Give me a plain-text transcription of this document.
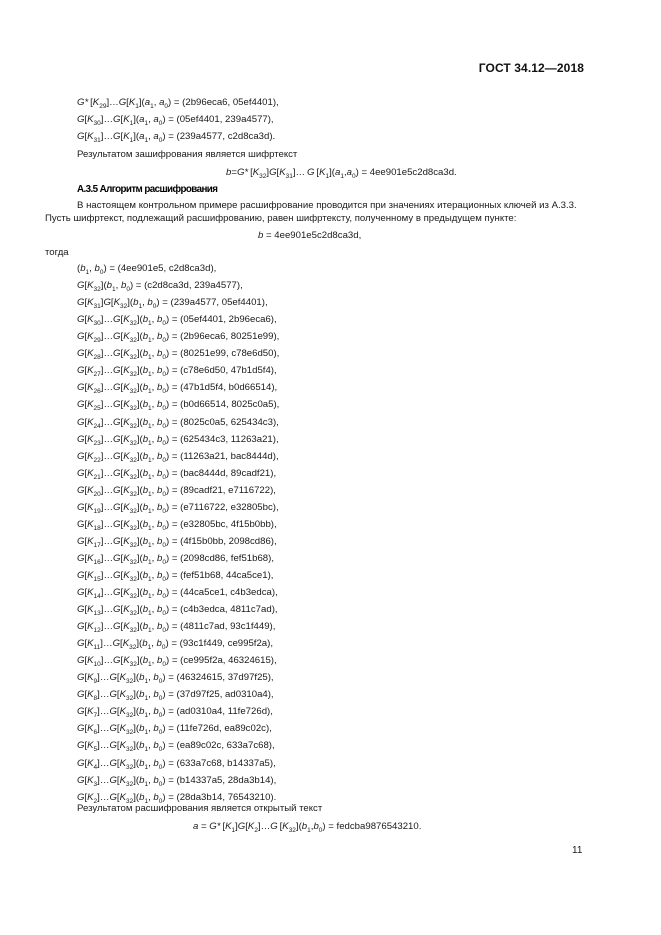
ГОСТ 34.12—2018
G* $[K_{29}]\dots G[K_1](a_1$, $a_0) = (2b96eca6$, 05ef4401),
$G[K_{30}]\dots G[K_1](a_1$, $a_0) = (05ef4401$, 239a4577),
$G[K_{31}]\dots G[K_1](a_1$, $a_0) = (239a4577$, c2d8ca3d).
Результатом зашифрования является шифртекст
b=G* $[K_{32}]G[K_{31}]\dots$ G $[K_1](a_1,a_0) = 4ee901e5c2d8ca3d$.
А.3.5 Алгоритм расшифрования
В настоящем контрольном примере расшифрование проводится при значениях итерационных ключей из А.3.3.
Пусть шифртекст, подлежащий расшифрованию, равен шифртексту, полученному в предыдущем пункте:
b = 4ee901e5c2d8ca3d,
тогда
($b_1$, $b_0) = (4ee901e5$, c2d8ca3d),
$G[K_{32}](b_1$, $b_0) = (c2d8ca3d$, 239a4577),
$G[K_{31}]G[K_{32}](b_1$, $b_0) = (239a4577$, 05ef4401),
$G[K_{30}]\dots G[K_{32}](b_1$, $b_0) = (05ef4401$, 2b96eca6),
$G[K_{29}]\dots G[K_{32}](b_1$, $b_0) = (2b96eca6$, 80251e99),
$G[K_{28}]\dots G[K_{32}](b_1$, $b_0) = (80251e99$, c78e6d50),
$G[K_{27}]\dots G[K_{32}](b_1$, $b_0) = (c78e6d50$, 47b1d5f4),
$G[K_{26}]\dots G[K_{32}](b_1$, $b_0) = (47b1d5f4$, b0d66514),
$G[K_{25}]\dots G[K_{32}](b_1$, $b_0) = (b0d66514$, 8025c0a5),
$G[K_{24}]\dots G[K_{32}](b_1$, $b_0) = (8025c0a5$, 625434c3),
$G[K_{23}]\dots G[K_{32}](b_1$, $b_0) = (625434c3$, 11263a21),
$G[K_{22}]\dots G[K_{32}](b_1$, $b_0) = (11263a21$, bac8444d),
$G[K_{21}]\dots G[K_{32}](b_1$, $b_0) = (bac8444d$, 89cadf21),
$G[K_{20}]\dots G[K_{32}](b_1$, $b_0$) = (89cadf21, e7116722),
$G[K_{19}]\dots G[K_{32}](b_1$, $b_0) = (e7116722$, e32805bc),
$G[K_{18}]\dots G[K_{32}](b_1$, $b_0) = (e32805bc$, 4f15b0bb),
$G[K_{17}]\dots G[K_{32}](b_1$, $b_0) = (4f15b0bb$, 2098cd86),
$G[K_{16}]\dots G[K_{32}](b_1$, $b_0) = (2098cd86$, fef51b68),
$G[K_{15}]\dots G[K_{32}](b_1$, $b_0) = (fef51b68$, 44ca5ce1),
$G[K_{14}]\dots G[K_{32}](b_1$, $b_0) = (44ca5ce1$, c4b3edca),
$G[K_{13}]\dots G[K_{32}](b_1$, $b_0$) = (c4b3edca, 4811c7ad),
$G[K_{12}]\dots G[K_{32}](b_1$, $b_0) = (4811c7ad$, 93c1f449),
$G[K_{11}]\dots G[K_{32}](b_1$, $b_0) = (93c1f449$, ce995f2a),
$G[K_{10}]\dots G[K_{32}](b_1$, $b_0) = (ce995f2a$, 46324615),
$G[K_9]\dots G[K_{32}](b_1$, $b_0) = (46324615$, 37d97f25),
$G[K_8]\dots G[K_{32}](b_1$, $b_0) = (37d97f25$, ad0310a4),
$G[K_7]\dots G[K_{32}](b_1$, $b_0) = (ad0310a4$, 11fe726d),
$G[K_6]\dots G[K_{32}](b_1$, $b_0) = (11fe726d$, ea89c02c),
$G[K_5]\dots G[K_{32}](b_1$, $b_0) = (ea89c02c$, 633a7c68),
$G[K_4]\dots G[K_{32}](b_1$, $b_0) = (633a7c68$, b14337a5),
$G[K_3]\dots G[K_{32}](b_1$, $b_0) = (b14337a5$, 28da3b14),
$G[K_2]\dots G[K_{32}](b_1$, $b_0) = (28da3b14$, 76543210).
Результатом расшифрования является открытый текст
a = G* $[K_1]G[K_2]\dots G$ $[K_{32}](b_1,b_0)$ = fedcba9876543210.
11
